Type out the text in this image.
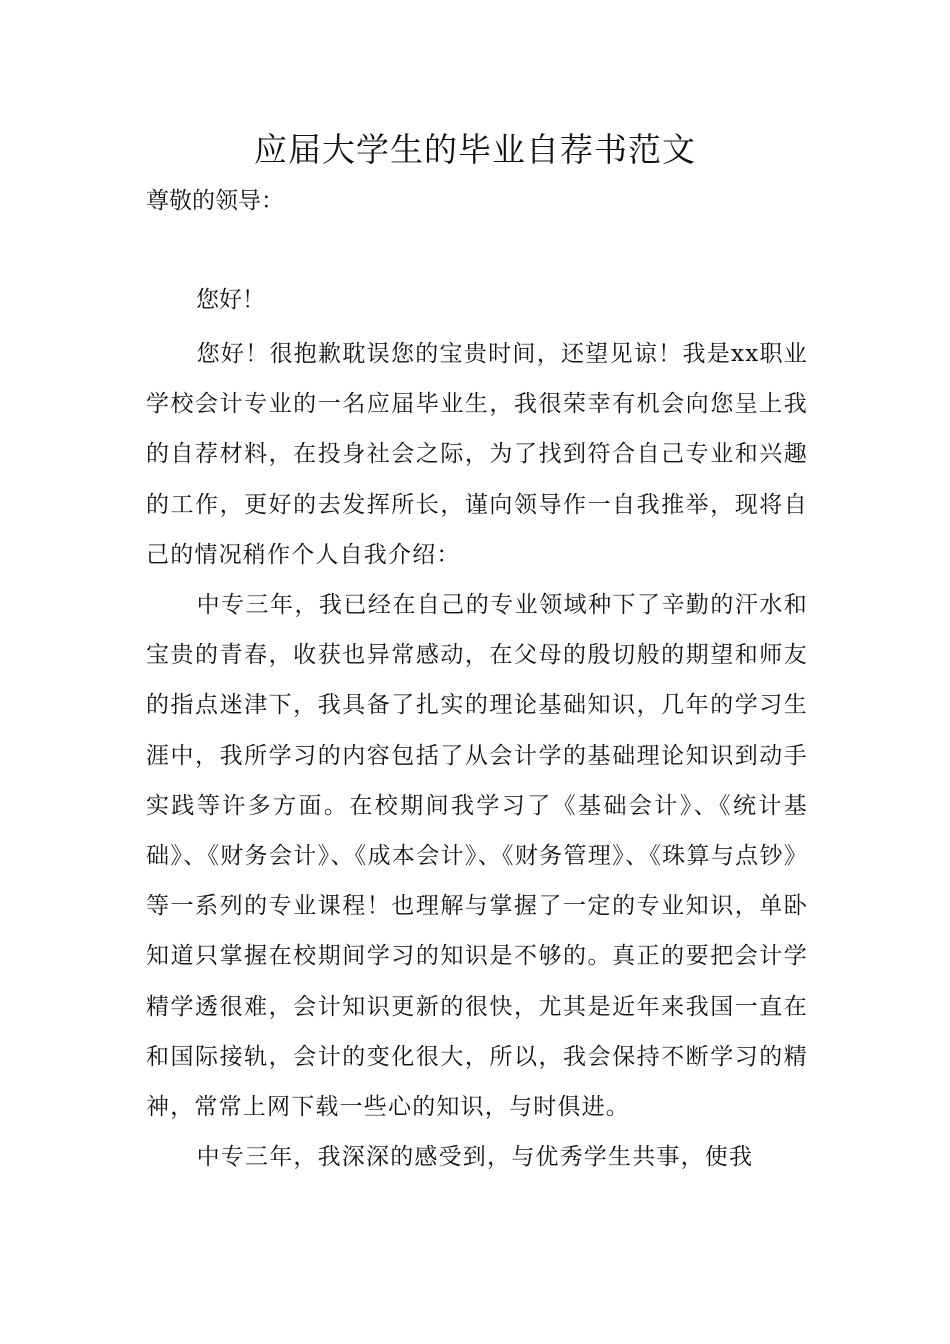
应届大学生的毕业自荐书范文
尊敬的领导：
您好！

您好！很抱歉耽误您的宝贵时间，还望见谅！我是xx职业学校会计专业的一名应届毕业生，我很荣幸有机会向您呈上我的自荐材料，在投身社会之际，为了找到符合自己专业和兴趣的工作，更好的去发挥所长，谨向领导作一自我推举，现将自己的情况稍作个人自我介绍：

中专三年，我已经在自己的专业领域种下了辛勤的汗水和宝贵的青春，收获也异常感动，在父母的殷切般的期望和师友的指点迷津下，我具备了扎实的理论基础知识，几年的学习生涯中，我所学习的内容包括了从会计学的基础理论知识到动手实践等许多方面。在校期间我学习了《基础会计》、《统计基础》、《财务会计》、《成本会计》、《财务管理》、《珠算与点钞》等一系列的专业课程！也理解与掌握了一定的专业知识，单卧知道只掌握在校期间学习的知识是不够的。真正的要把会计学精学透很难，会计知识更新的很快，尤其是近年来我国一直在和国际接轨，会计的变化很大，所以，我会保持不断学习的精神，常常上网下载一些心的知识，与时俱进。

中专三年，我深深的感受到，与优秀学生共事，使我
